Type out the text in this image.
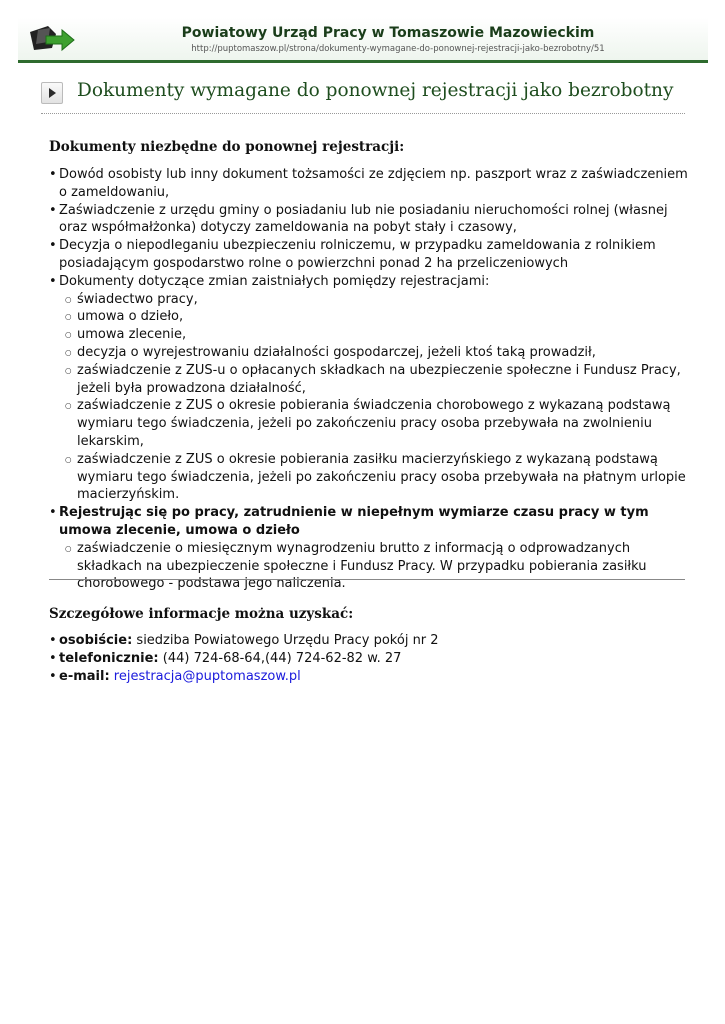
Powiatowy Urząd Pracy w Tomaszowie Mazowieckim
http://puptomaszow.pl/strona/dokumenty-wymagane-do-ponownej-rejestracji-jako-bezrobotny/51
Dokumenty wymagane do ponownej rejestracji jako bezrobotny
Dokumenty niezbędne do ponownej rejestracji:
• Dowód osobisty lub inny dokument tożsamości ze zdjęciem np. paszport wraz z zaświadczeniem o zameldowaniu,
• Zaświadczenie z urzędu gminy o posiadaniu lub nie posiadaniu nieruchomości rolnej (własnej oraz współmałżonka) dotyczy zameldowania na pobyt stały i czasowy,
• Decyzja o niepodleganiu ubezpieczeniu rolniczemu, w przypadku zameldowania z rolnikiem posiadającym gospodarstwo rolne o powierzchni ponad 2 ha przeliczeniowych
• Dokumenty dotyczące zmian zaistniałych pomiędzy rejestracjami:
○ świadectwo pracy,
○ umowa o dzieło,
○ umowa zlecenie,
○ decyzja o wyrejestrowaniu działalności gospodarczej, jeżeli ktoś taką prowadził,
○ zaświadczenie z ZUS-u o opłacanych składkach na ubezpieczenie społeczne i Fundusz Pracy, jeżeli była prowadzona działalność,
○ zaświadczenie z ZUS o okresie pobierania świadczenia chorobowego z wykazaną podstawą wymiaru tego świadczenia, jeżeli po zakończeniu pracy osoba przebywała na zwolnieniu lekarskim,
○ zaświadczenie z ZUS o okresie pobierania zasiłku macierzyńskiego z wykazaną podstawą wymiaru tego świadczenia, jeżeli po zakończeniu pracy osoba przebywała na płatnym urlopie macierzyńskim.
• Rejestrując się po pracy, zatrudnienie w niepełnym wymiarze czasu pracy w tym umowa zlecenie, umowa o dzieło
○ zaświadczenie o miesięcznym wynagrodzeniu brutto z informacją o odprowadzanych składkach na ubezpieczenie społeczne i Fundusz Pracy. W przypadku pobierania zasiłku chorobowego - podstawa jego naliczenia.
Szczegółowe informacje można uzyskać:
• osobiście: siedziba Powiatowego Urzędu Pracy pokój nr 2
• telefonicznie: (44) 724-68-64,(44) 724-62-82 w. 27
• e-mail: rejestracja@puptomaszow.pl
